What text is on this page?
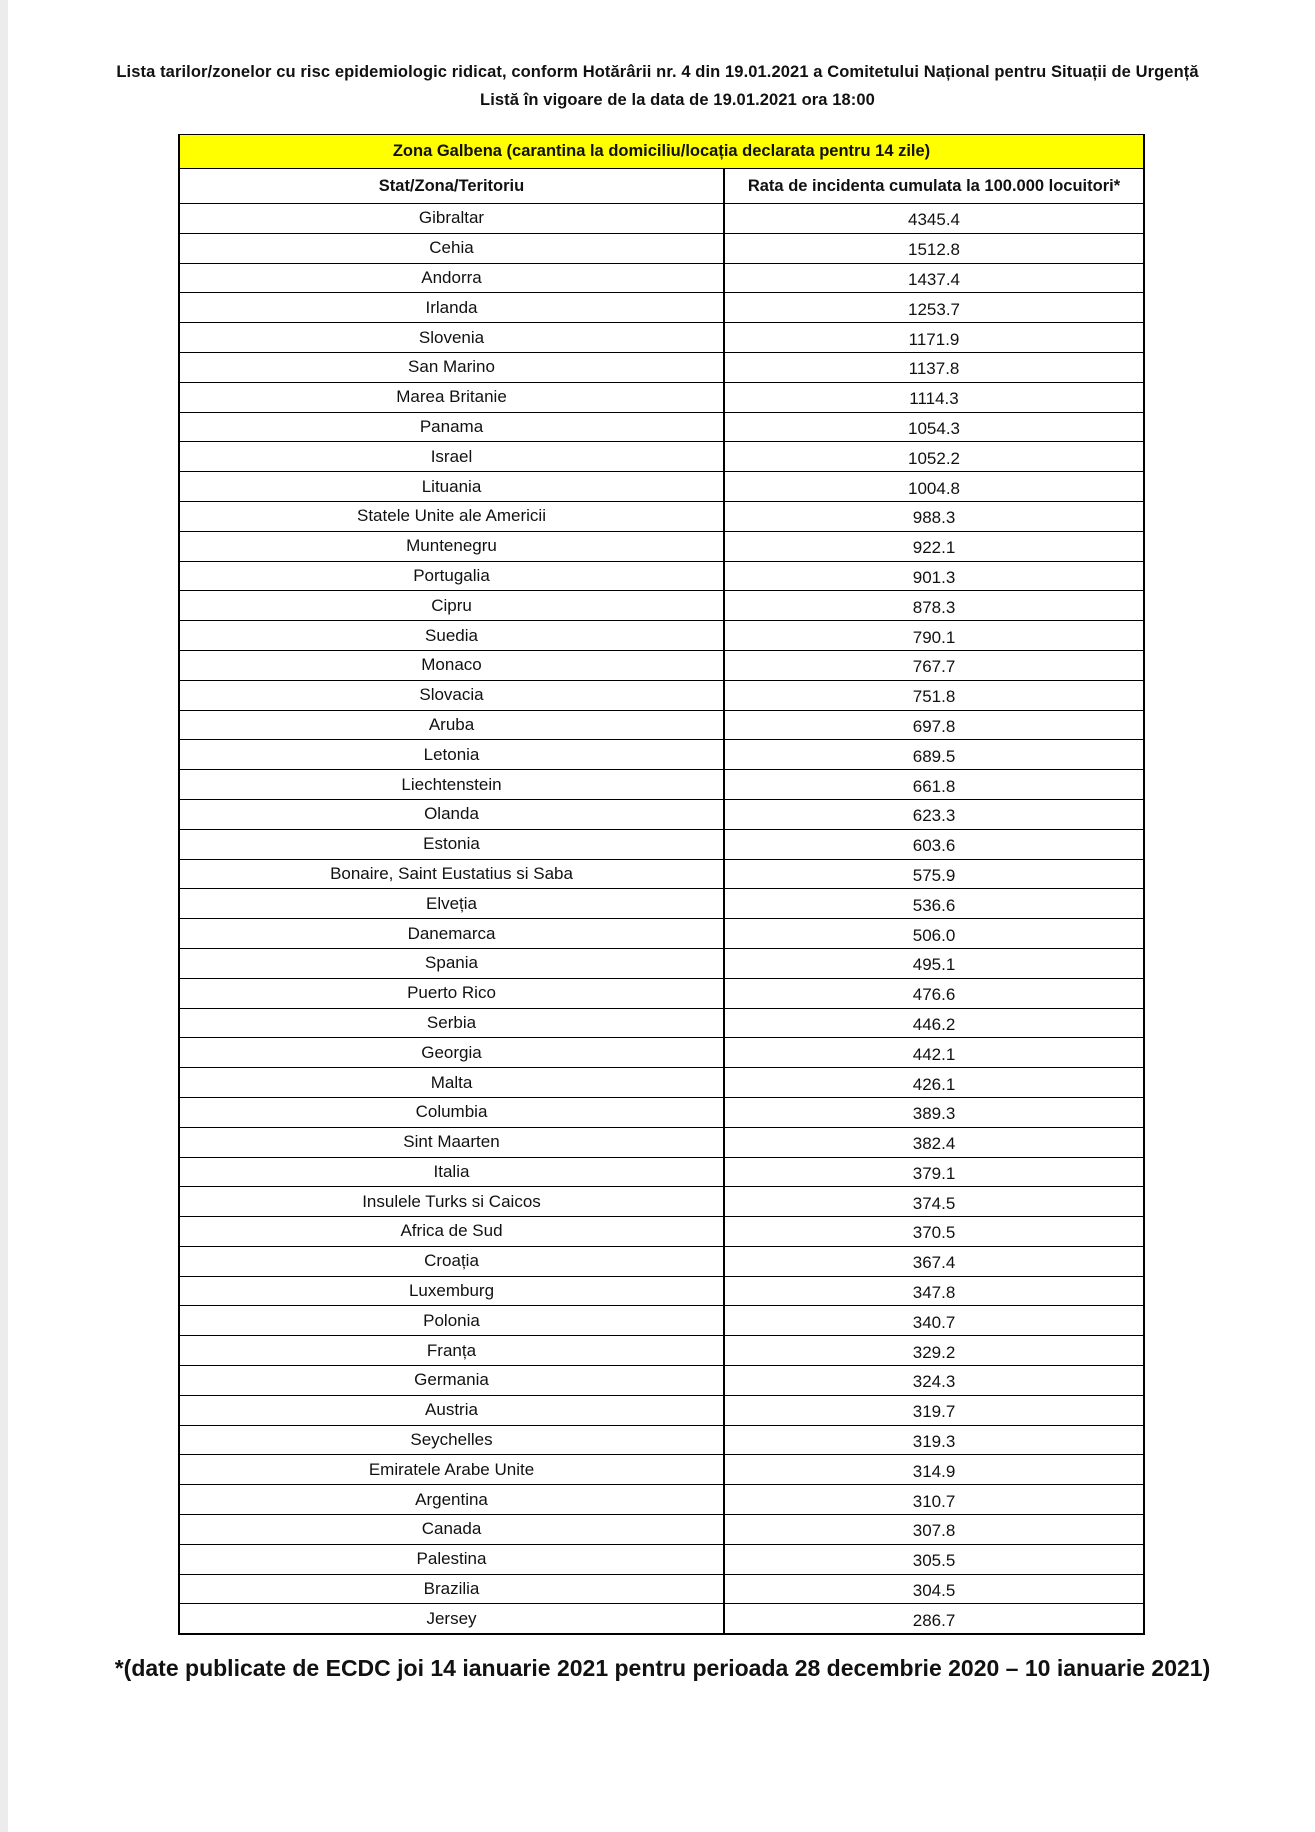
Lista tarilor/zonelor cu risc epidemiologic ridicat, conform Hotărârii nr. 4 din 19.01.2021 a Comitetului Național pentru Situații de Urgență
Listă în vigoare de la data de 19.01.2021 ora 18:00
Zona Galbena (carantina la domiciliu/locația declarata pentru 14 zile)	
Stat/Zona/Teritoriu	Rata de incidenta cumulata la 100.000 locuitori*
Gibraltar	4345.4
Cehia	1512.8
Andorra	1437.4
Irlanda	1253.7
Slovenia	1171.9
San Marino	1137.8
Marea Britanie	1114.3
Panama	1054.3
Israel	1052.2
Lituania	1004.8
Statele Unite ale Americii	988.3
Muntenegru	922.1
Portugalia	901.3
Cipru	878.3
Suedia	790.1
Monaco	767.7
Slovacia	751.8
Aruba	697.8
Letonia	689.5
Liechtenstein	661.8
Olanda	623.3
Estonia	603.6
Bonaire, Saint Eustatius si Saba	575.9
Elveția	536.6
Danemarca	506.0
Spania	495.1
Puerto Rico	476.6
Serbia	446.2
Georgia	442.1
Malta	426.1
Columbia	389.3
Sint Maarten	382.4
Italia	379.1
Insulele Turks si Caicos	374.5
Africa de Sud	370.5
Croația	367.4
Luxemburg	347.8
Polonia	340.7
Franța	329.2
Germania	324.3
Austria	319.7
Seychelles	319.3
Emiratele Arabe Unite	314.9
Argentina	310.7
Canada	307.8
Palestina	305.5
Brazilia	304.5
Jersey	286.7
*(date publicate de ECDC joi 14 ianuarie 2021 pentru perioada 28 decembrie 2020 – 10 ianuarie 2021)
